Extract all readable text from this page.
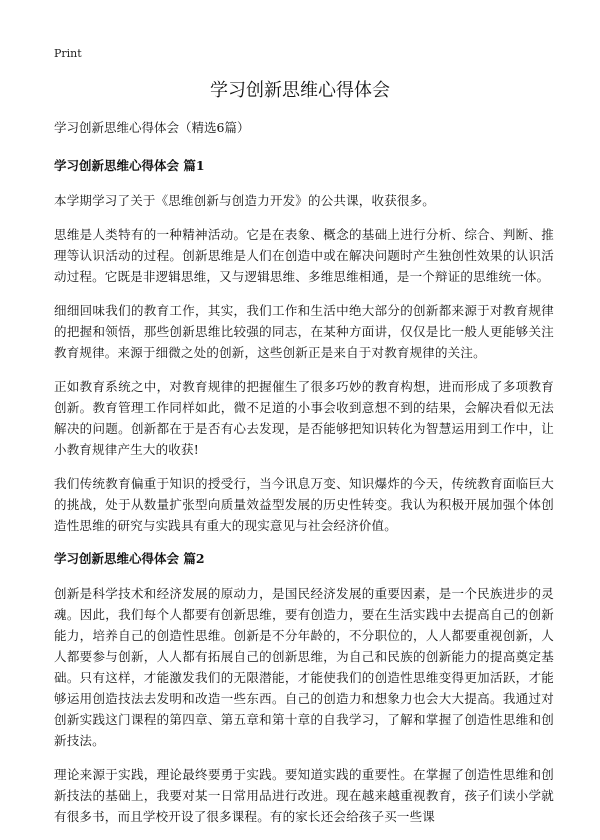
Print
学习创新思维心得体会
学习创新思维心得体会（精选6篇）
学习创新思维心得体会 篇1
本学期学习了关于《思维创新与创造力开发》的公共课，收获很多。
思维是人类特有的一种精神活动。它是在表象、概念的基础上进行分析、综合、判断、推理等认识活动的过程。创新思维是人们在创造中或在解决问题时产生独创性效果的认识活动过程。它既是非逻辑思维，又与逻辑思维、多维思维相通，是一个辩证的思维统一体。
细细回味我们的教育工作，其实，我们工作和生活中绝大部分的创新都来源于对教育规律的把握和领悟，那些创新思维比较强的同志，在某种方面讲，仅仅是比一般人更能够关注教育规律。来源于细微之处的创新，这些创新正是来自于对教育规律的关注。
正如教育系统之中，对教育规律的把握催生了很多巧妙的教育构想，进而形成了多项教育创新。教育管理工作同样如此，微不足道的小事会收到意想不到的结果，会解决看似无法解决的问题。创新都在于是否有心去发现，是否能够把知识转化为智慧运用到工作中，让小教育规律产生大的收获!
我们传统教育偏重于知识的授受行，当今讯息万变、知识爆炸的今天，传统教育面临巨大的挑战，处于从数量扩张型向质量效益型发展的历史性转变。我认为积极开展加强个体创造性思维的研究与实践具有重大的现实意见与社会经济价值。
学习创新思维心得体会 篇2
创新是科学技术和经济发展的原动力，是国民经济发展的重要因素，是一个民族进步的灵魂。因此，我们每个人都要有创新思维，要有创造力，要在生活实践中去提高自己的创新能力，培养自己的创造性思维。创新是不分年龄的，不分职位的，人人都要重视创新，人人都要参与创新，人人都有拓展自己的创新思维，为自己和民族的创新能力的提高奠定基础。只有这样，才能激发我们的无限潜能，才能使我们的创造性思维变得更加活跃，才能够运用创造技法去发明和改造一些东西。自己的创造力和想象力也会大大提高。我通过对创新实践这门课程的第四章、第五章和第十章的自我学习，了解和掌握了创造性思维和创新技法。
理论来源于实践，理论最终要勇于实践。要知道实践的重要性。在掌握了创造性思维和创新技法的基础上，我要对某一日常用品进行改进。现在越来越重视教育，孩子们读小学就有很多书，而且学校开设了很多课程。有的家长还会给孩子买一些课
